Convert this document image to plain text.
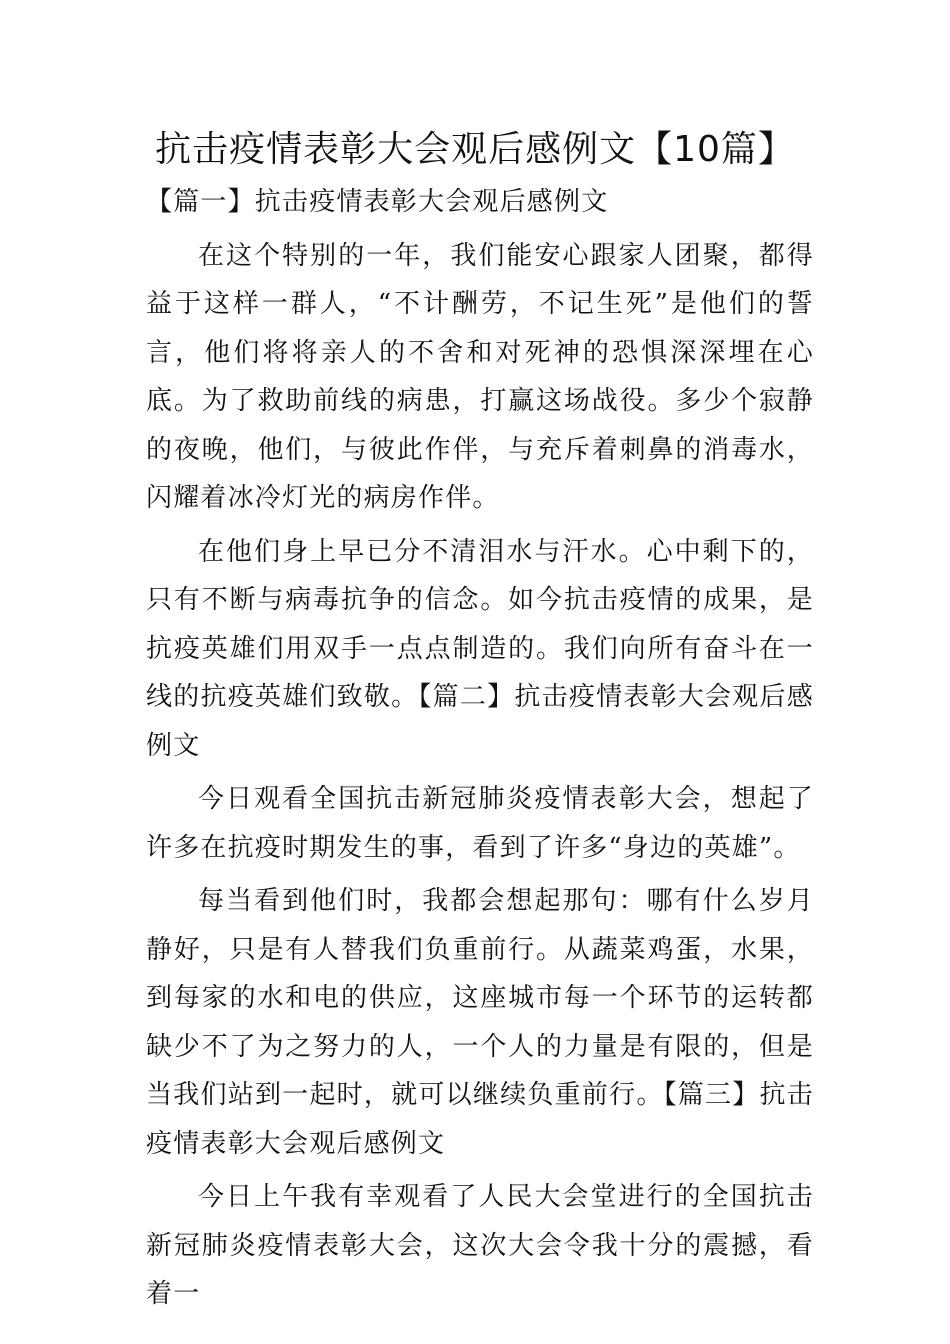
抗击疫情表彰大会观后感例文【10篇】

【篇一】抗击疫情表彰大会观后感例文

在这个特别的一年，我们能安心跟家人团聚，都得益于这样一群人，“不计酬劳，不记生死”是他们的誓言，他们将将亲人的不舍和对死神的恐惧深深埋在心底。为了救助前线的病患，打赢这场战役。多少个寂静的夜晚，他们，与彼此作伴，与充斥着刺鼻的消毒水，闪耀着冰冷灯光的病房作伴。

在他们身上早已分不清泪水与汗水。心中剩下的，只有不断与病毒抗争的信念。如今抗击疫情的成果，是抗疫英雄们用双手一点点制造的。我们向所有奋斗在一线的抗疫英雄们致敬。【篇二】抗击疫情表彰大会观后感例文

今日观看全国抗击新冠肺炎疫情表彰大会，想起了许多在抗疫时期发生的事，看到了许多“身边的英雄”。

每当看到他们时，我都会想起那句：哪有什么岁月静好，只是有人替我们负重前行。从蔬菜鸡蛋，水果，到每家的水和电的供应，这座城市每一个环节的运转都缺少不了为之努力的人，一个人的力量是有限的，但是当我们站到一起时，就可以继续负重前行。【篇三】抗击疫情表彰大会观后感例文

今日上午我有幸观看了人民大会堂进行的全国抗击新冠肺炎疫情表彰大会，这次大会令我十分的震撼，看着一
